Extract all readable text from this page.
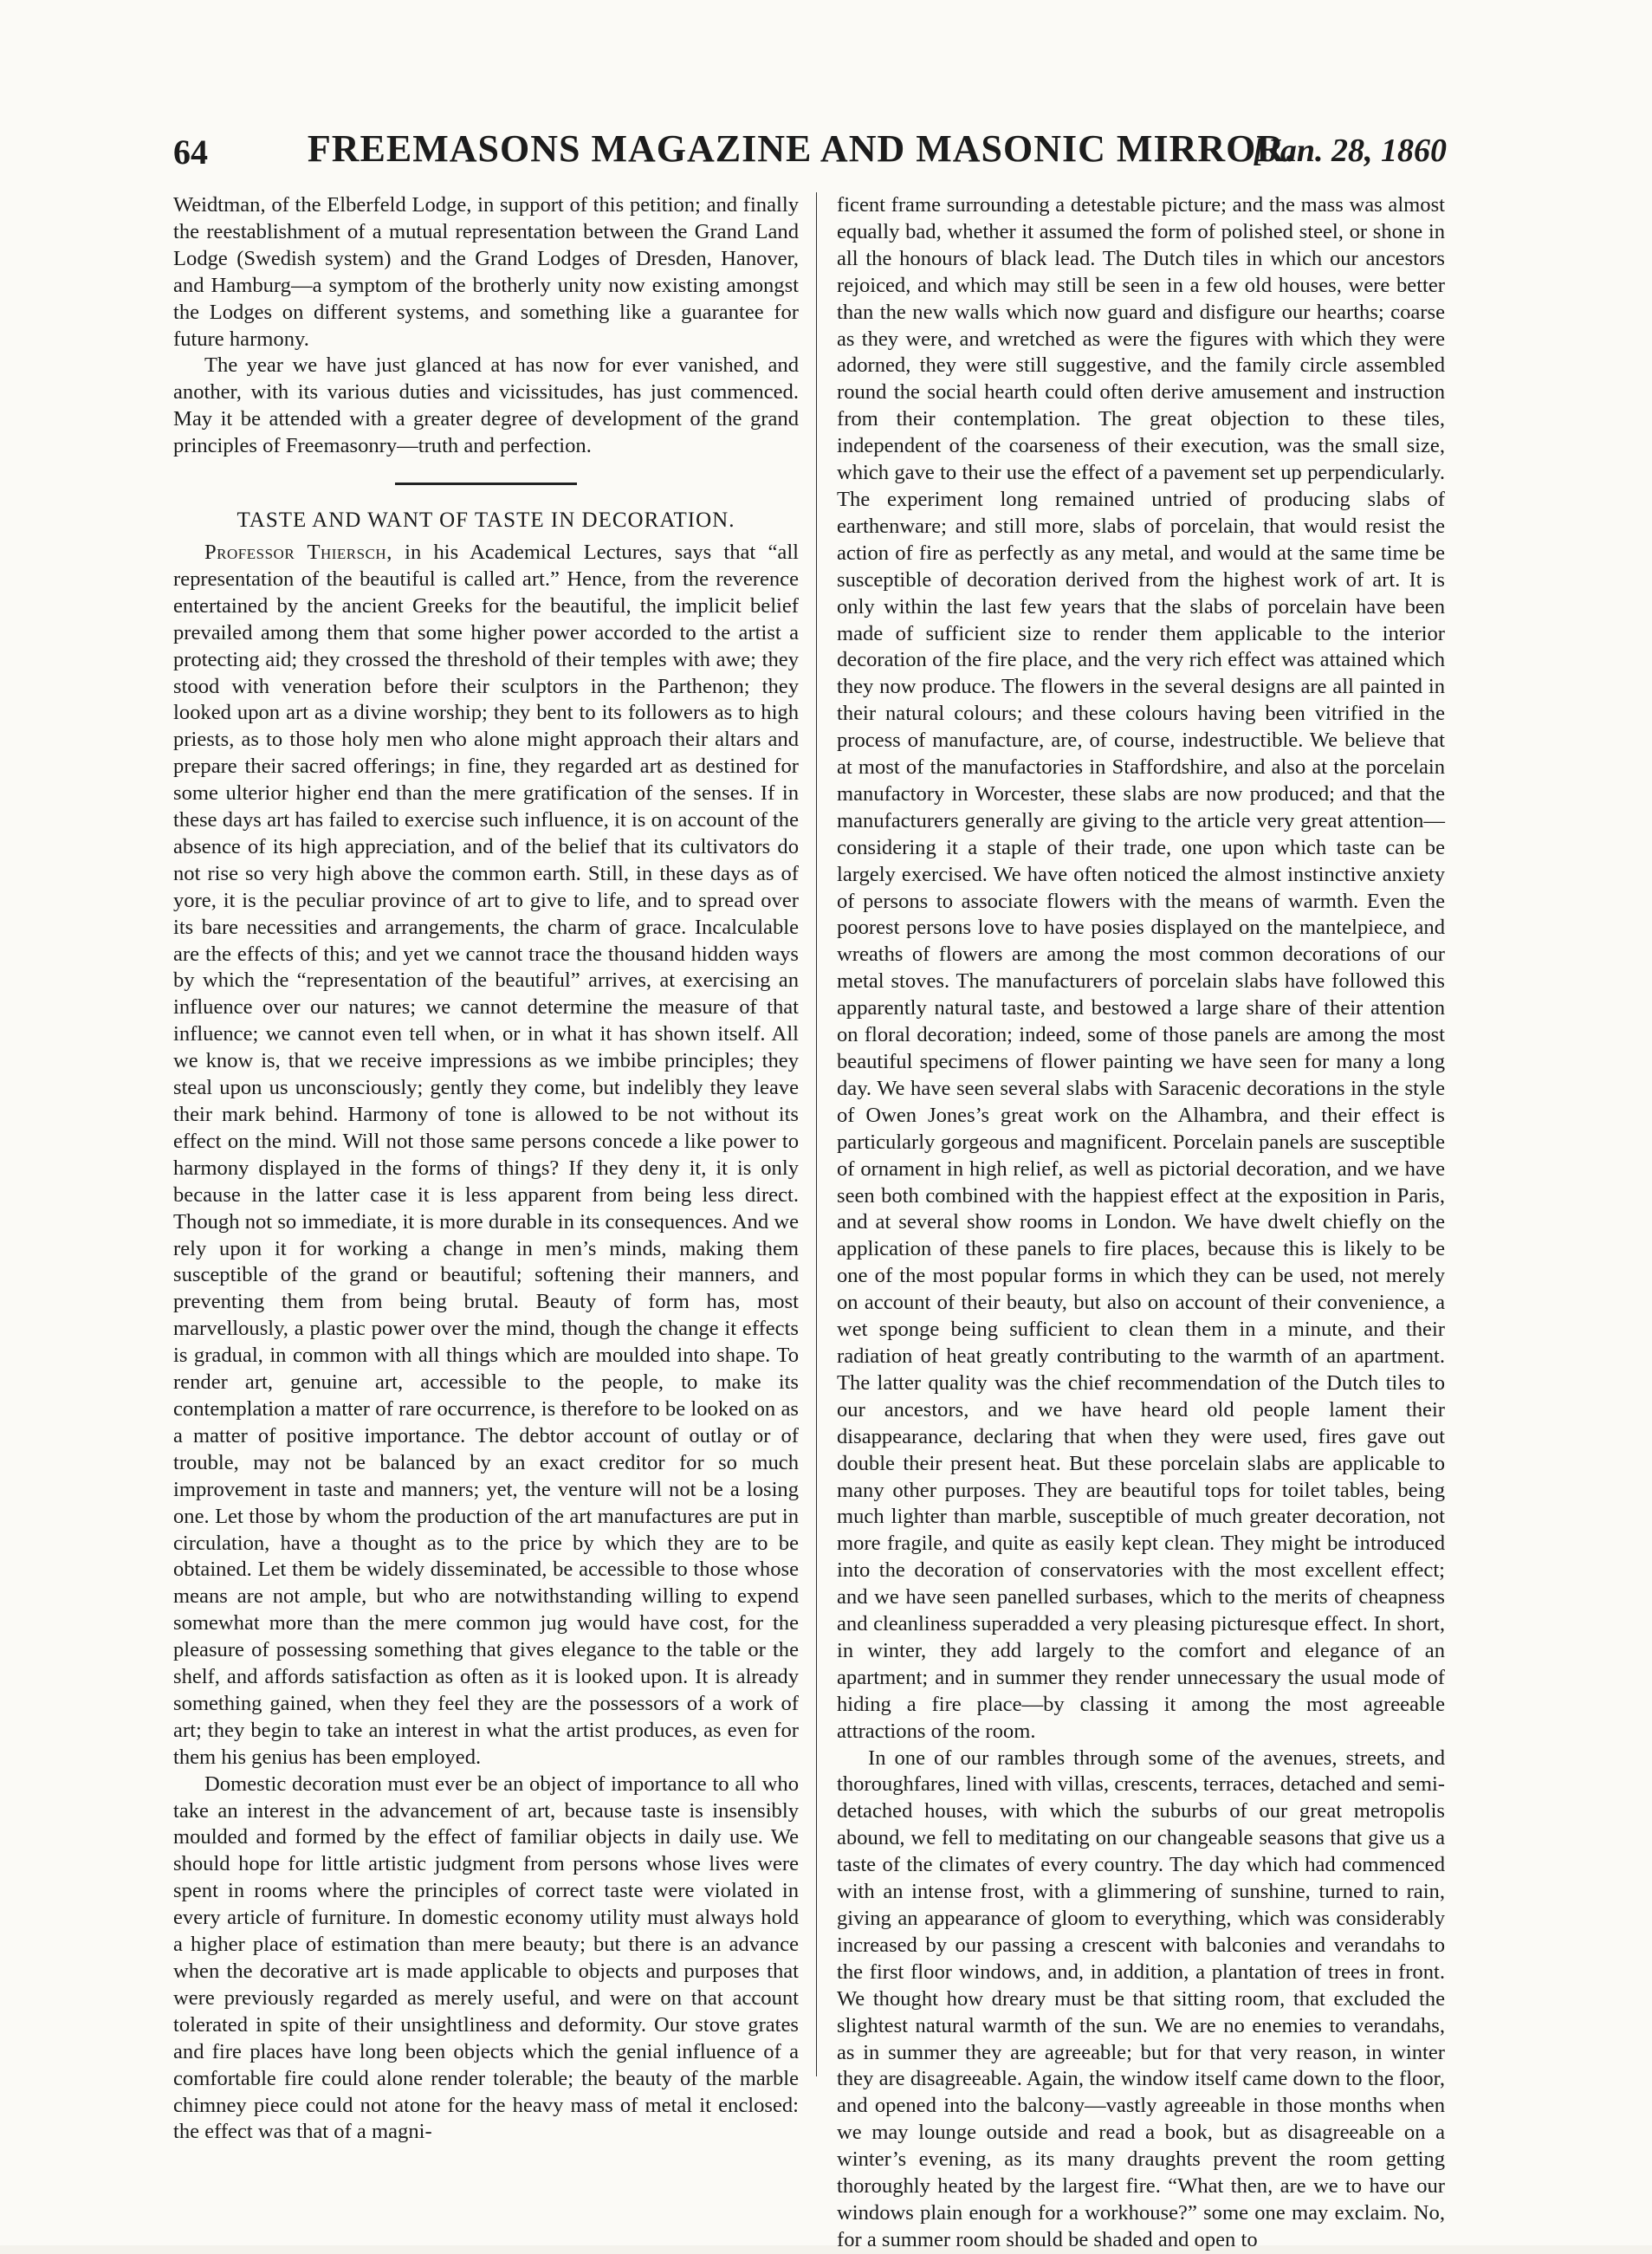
64	FREEMASONS MAGAZINE AND MASONIC MIRROR.
[Jan. 28, 1860

Weidtman, of the Elberfeld Lodge, in support of this petition; and finally the reestablishment of a mutual representation between the Grand Land Lodge (Swedish system) and the Grand Lodges of Dresden, Hanover, and Hamburg—a symptom of the brotherly unity now existing amongst the Lodges on different systems, and something like a guarantee for future harmony.

The year we have just glanced at has now for ever vanished, and another, with its various duties and vicissitudes, has just commenced. May it be attended with a greater degree of development of the grand principles of Freemasonry—truth and perfection.

TASTE AND WANT OF TASTE IN DECORATION.

Professor Thiersch, in his Academical Lectures, says that “all representation of the beautiful is called art.” Hence, from the reverence entertained by the ancient Greeks for the beautiful, the implicit belief prevailed among them that some higher power accorded to the artist a protecting aid; they crossed the threshold of their temples with awe; they stood with veneration before their sculptors in the Parthenon; they looked upon art as a divine worship; they bent to its followers as to high priests, as to those holy men who alone might approach their altars and prepare their sacred offerings; in fine, they regarded art as destined for some ulterior higher end than the mere gratification of the senses. If in these days art has failed to exercise such influence, it is on account of the absence of its high appreciation, and of the belief that its cultivators do not rise so very high above the common earth. Still, in these days as of yore, it is the peculiar province of art to give to life, and to spread over its bare necessities and arrangements, the charm of grace. Incalculable are the effects of this; and yet we cannot trace the thousand hidden ways by which the “representation of the beautiful” arrives, at exercising an influence over our natures; we cannot determine the measure of that influence; we cannot even tell when, or in what it has shown itself. All we know is, that we receive impressions as we imbibe principles; they steal upon us unconsciously; gently they come, but indelibly they leave their mark behind. Harmony of tone is allowed to be not without its effect on the mind. Will not those same persons concede a like power to harmony displayed in the forms of things? If they deny it, it is only because in the latter case it is less apparent from being less direct. Though not so immediate, it is more durable in its consequences. And we rely upon it for working a change in men’s minds, making them susceptible of the grand or beautiful; softening their manners, and preventing them from being brutal. Beauty of form has, most marvellously, a plastic power over the mind, though the change it effects is gradual, in common with all things which are moulded into shape. To render art, genuine art, accessible to the people, to make its contemplation a matter of rare occurrence, is therefore to be looked on as a matter of positive importance. The debtor account of outlay or of trouble, may not be balanced by an exact creditor for so much improvement in taste and manners; yet, the venture will not be a losing one. Let those by whom the production of the art manufactures are put in circulation, have a thought as to the price by which they are to be obtained. Let them be widely disseminated, be accessible to those whose means are not ample, but who are notwithstanding willing to expend somewhat more than the mere common jug would have cost, for the pleasure of possessing something that gives elegance to the table or the shelf, and affords satisfaction as often as it is looked upon. It is already something gained, when they feel they are the possessors of a work of art; they begin to take an interest in what the artist produces, as even for them his genius has been employed.

Domestic decoration must ever be an object of importance to all who take an interest in the advancement of art, because taste is insensibly moulded and formed by the effect of familiar objects in daily use. We should hope for little artistic judgment from persons whose lives were spent in rooms where the principles of correct taste were violated in every article of furniture. In domestic economy utility must always hold a higher place of estimation than mere beauty; but there is an advance when the decorative art is made applicable to objects and purposes that were previously regarded as merely useful, and were on that account tolerated in spite of their unsightliness and deformity. Our stove grates and fire places have long been objects which the genial influence of a comfortable fire could alone render tolerable; the beauty of the marble chimney piece could not atone for the heavy mass of metal it enclosed: the effect was that of a magni-

ficent frame surrounding a detestable picture; and the mass was almost equally bad, whether it assumed the form of polished steel, or shone in all the honours of black lead. The Dutch tiles in which our ancestors rejoiced, and which may still be seen in a few old houses, were better than the new walls which now guard and disfigure our hearths; coarse as they were, and wretched as were the figures with which they were adorned, they were still suggestive, and the family circle assembled round the social hearth could often derive amusement and instruction from their contemplation. The great objection to these tiles, independent of the coarseness of their execution, was the small size, which gave to their use the effect of a pavement set up perpendicularly. The experiment long remained untried of producing slabs of earthenware; and still more, slabs of porcelain, that would resist the action of fire as perfectly as any metal, and would at the same time be susceptible of decoration derived from the highest work of art. It is only within the last few years that the slabs of porcelain have been made of sufficient size to render them applicable to the interior decoration of the fire place, and the very rich effect was attained which they now produce. The flowers in the several designs are all painted in their natural colours; and these colours having been vitrified in the process of manufacture, are, of course, indestructible. We believe that at most of the manufactories in Staffordshire, and also at the porcelain manufactory in Worcester, these slabs are now produced; and that the manufacturers generally are giving to the article very great attention—considering it a staple of their trade, one upon which taste can be largely exercised. We have often noticed the almost instinctive anxiety of persons to associate flowers with the means of warmth. Even the poorest persons love to have posies displayed on the mantelpiece, and wreaths of flowers are among the most common decorations of our metal stoves. The manufacturers of porcelain slabs have followed this apparently natural taste, and bestowed a large share of their attention on floral decoration; indeed, some of those panels are among the most beautiful specimens of flower painting we have seen for many a long day. We have seen several slabs with Saracenic decorations in the style of Owen Jones’s great work on the Alhambra, and their effect is particularly gorgeous and magnificent. Porcelain panels are susceptible of ornament in high relief, as well as pictorial decoration, and we have seen both combined with the happiest effect at the exposition in Paris, and at several show rooms in London. We have dwelt chiefly on the application of these panels to fire places, because this is likely to be one of the most popular forms in which they can be used, not merely on account of their beauty, but also on account of their convenience, a wet sponge being sufficient to clean them in a minute, and their radiation of heat greatly contributing to the warmth of an apartment. The latter quality was the chief recommendation of the Dutch tiles to our ancestors, and we have heard old people lament their disappearance, declaring that when they were used, fires gave out double their present heat. But these porcelain slabs are applicable to many other purposes. They are beautiful tops for toilet tables, being much lighter than marble, susceptible of much greater decoration, not more fragile, and quite as easily kept clean. They might be introduced into the decoration of conservatories with the most excellent effect; and we have seen panelled surbases, which to the merits of cheapness and cleanliness superadded a very pleasing picturesque effect. In short, in winter, they add largely to the comfort and elegance of an apartment; and in summer they render unnecessary the usual mode of hiding a fire place—by classing it among the most agreeable attractions of the room.

In one of our rambles through some of the avenues, streets, and thoroughfares, lined with villas, crescents, terraces, detached and semi-detached houses, with which the suburbs of our great metropolis abound, we fell to meditating on our changeable seasons that give us a taste of the climates of every country. The day which had commenced with an intense frost, with a glimmering of sunshine, turned to rain, giving an appearance of gloom to everything, which was considerably increased by our passing a crescent with balconies and verandahs to the first floor windows, and, in addition, a plantation of trees in front. We thought how dreary must be that sitting room, that excluded the slightest natural warmth of the sun. We are no enemies to verandahs, as in summer they are agreeable; but for that very reason, in winter they are disagreeable. Again, the window itself came down to the floor, and opened into the balcony—vastly agreeable in those months when we may lounge outside and read a book, but as disagreeable on a winter’s evening, as its many draughts prevent the room getting thoroughly heated by the largest fire. “What then, are we to have our windows plain enough for a workhouse?” some one may exclaim. No, for a summer room should be shaded and open to
